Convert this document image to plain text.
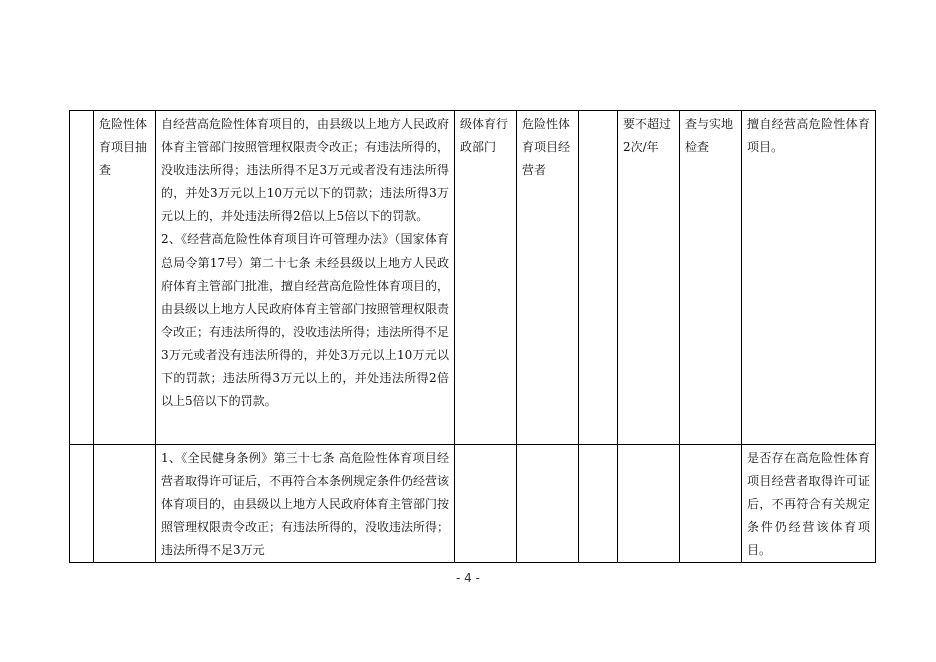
	危险性体育项目抽查	自经营高危险性体育项目的，由县级以上地方人民政府体育主管部门按照管理权限责令改正；有违法所得的，没收违法所得；违法所得不足3万元或者没有违法所得的，并处3万元以上10万元以下的罚款；违法所得3万元以上的，并处违法所得2倍以上5倍以下的罚款。

2、《经营高危险性体育项目许可管理办法》（国家体育总局令第17号）第二十七条 未经县级以上地方人民政府体育主管部门批准，擅自经营高危险性体育项目的，由县级以上地方人民政府体育主管部门按照管理权限责令改正；有违法所得的，没收违法所得；违法所得不足3万元或者没有违法所得的，并处3万元以上10万元以下的罚款；违法所得3万元以上的，并处违法所得2倍以上5倍以下的罚款。	级体育行政部门	危险性体育项目经营者		要不超过2次/年	查与实地检查	擅自经营高危险性体育项目。

		1、《全民健身条例》第三十七条 高危险性体育项目经营者取得许可证后，不再符合本条例规定条件仍经营该体育项目的，由县级以上地方人民政府体育主管部门按照管理权限责令改正；有违法所得的，没收违法所得；违法所得不足3万元						是否存在高危险性体育项目经营者取得许可证后，不再符合有关规定条件仍经营该体育项目。
- 4 -
